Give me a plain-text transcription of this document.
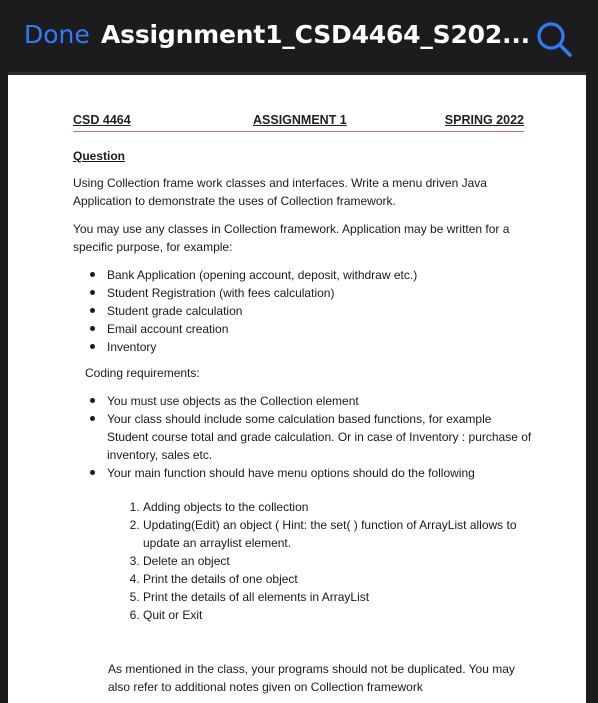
Done Assignment1_CSD4464_S202...
CSD 4464	ASSIGNMENT 1	SPRING 2022
Question

Using Collection frame work classes and interfaces. Write a menu driven Java Application to demonstrate the uses of Collection framework.

You may use any classes in Collection framework. Application may be written for a specific purpose, for example:

Bank Application (opening account, deposit, withdraw etc.)
Student Registration (with fees calculation)
Student grade calculation
Email account creation
Inventory
Coding requirements:
You must use objects as the Collection element
Your class should include some calculation based functions, for example Student course total and grade calculation. Or in case of Inventory : purchase of inventory, sales etc.
Your main function should have menu options should do the following
1. Adding objects to the collection
2. Updating(Edit) an object ( Hint: the set( ) function of ArrayList allows to update an arraylist element.
3. Delete an object
4. Print the details of one object
5. Print the details of all elements in ArrayList
6. Quit or Exit

As mentioned in the class, your programs should not be duplicated. You may also refer to additional notes given on Collection framework
